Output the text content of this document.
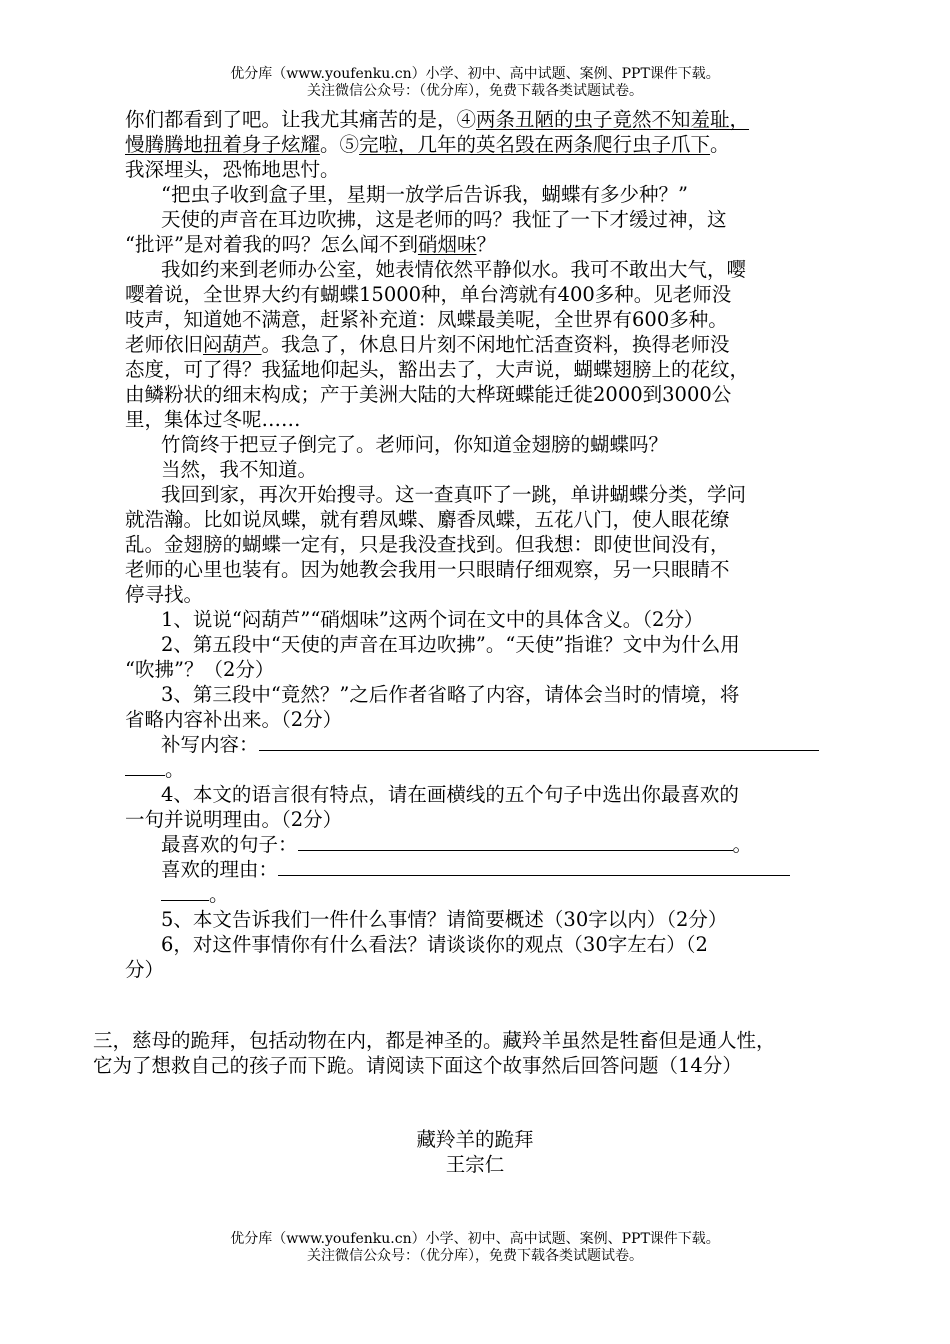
优分库（www.youfenku.cn）小学、初中、高中试题、案例、PPT课件下载。
关注微信公众号：（优分库），免费下载各类试题试卷。
你们都看到了吧。让我尤其痛苦的是，④两条丑陋的虫子竟然不知羞耻，
慢腾腾地扭着身子炫耀。⑤完啦，几年的英名毁在两条爬行虫子爪下。
我深埋头，恐怖地思忖。
“把虫子收到盒子里，星期一放学后告诉我，蝴蝶有多少种？”
天使的声音在耳边吹拂，这是老师的吗？我怔了一下才缓过神，这
“批评”是对着我的吗？怎么闻不到硝烟味？
我如约来到老师办公室，她表情依然平静似水。我可不敢出大气，嘤
嘤着说，全世界大约有蝴蝶15000种，单台湾就有400多种。见老师没
吱声，知道她不满意，赶紧补充道：凤蝶最美呢，全世界有600多种。
老师依旧闷葫芦。我急了，休息日片刻不闲地忙活查资料，换得老师没
态度，可了得？我猛地仰起头，豁出去了，大声说，蝴蝶翅膀上的花纹，
由鳞粉状的细末构成；产于美洲大陆的大桦斑蝶能迁徙2000到3000公
里，集体过冬呢……
竹筒终于把豆子倒完了。老师问，你知道金翅膀的蝴蝶吗？
当然，我不知道。
我回到家，再次开始搜寻。这一查真吓了一跳，单讲蝴蝶分类，学问
就浩瀚。比如说凤蝶，就有碧凤蝶、麝香凤蝶，五花八门，使人眼花缭
乱。金翅膀的蝴蝶一定有，只是我没查找到。但我想：即使世间没有，
老师的心里也装有。因为她教会我用一只眼睛仔细观察，另一只眼睛不
停寻找。
1、说说“闷葫芦”“硝烟味”这两个词在文中的具体含义。（2分）
2、第五段中“天使的声音在耳边吹拂”。“天使”指谁？文中为什么用
“吹拂”？（2分）
3、第三段中“竟然？”之后作者省略了内容，请体会当时的情境，将
省略内容补出来。（2分）
补写内容：
。
4、本文的语言很有特点，请在画横线的五个句子中选出你最喜欢的
一句并说明理由。（2分）
最喜欢的句子：	。
喜欢的理由：
。
5、本文告诉我们一件什么事情？请简要概述（30字以内）（2分）
6，对这件事情你有什么看法？请谈谈你的观点（30字左右）（2
分）
三，慈母的跪拜，包括动物在内，都是神圣的。藏羚羊虽然是牲畜但是通人性，
它为了想救自己的孩子而下跪。请阅读下面这个故事然后回答问题（14分）
藏羚羊的跪拜
王宗仁
优分库（www.youfenku.cn）小学、初中、高中试题、案例、PPT课件下载。
关注微信公众号：（优分库），免费下载各类试题试卷。
